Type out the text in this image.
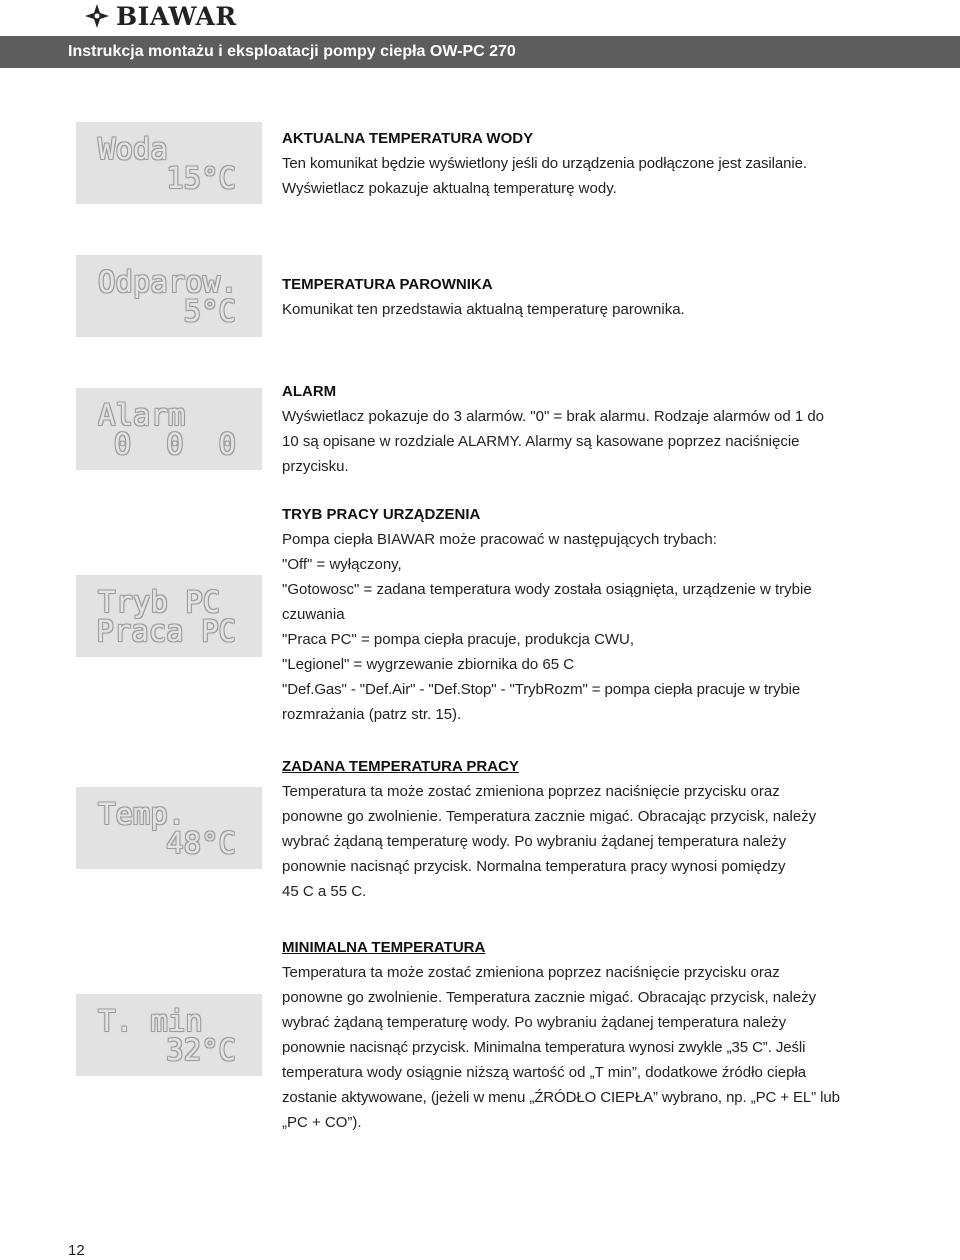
BIAWAR
Instrukcja montażu i eksploatacji pompy ciepła OW-PC 270
Woda
15°C

AKTUALNA TEMPERATURA WODY

Ten komunikat będzie wyświetlony jeśli do urządzenia podłączone jest zasilanie.

Wyświetlacz pokazuje aktualną temperaturę wody.

Odparow.
5°C

TEMPERATURA PAROWNIKA

Komunikat ten przedstawia aktualną temperaturę parownika.

Alarm
0  0  0

ALARM

Wyświetlacz pokazuje do 3 alarmów. "0" = brak alarmu. Rodzaje alarmów od 1 do

10 są opisane w rozdziale ALARMY. Alarmy są kasowane poprzez naciśnięcie

przycisku.

Tryb PC
Praca PC

TRYB PRACY URZĄDZENIA

Pompa ciepła BIAWAR może pracować w następujących trybach:

"Off" = wyłączony,

"Gotowosc" = zadana temperatura wody została osiągnięta, urządzenie w trybie

czuwania

"Praca PC" = pompa ciepła pracuje, produkcja CWU,

"Legionel" = wygrzewanie zbiornika do 65 C

"Def.Gas" - "Def.Air" - "Def.Stop" - "TrybRozm" = pompa ciepła pracuje w trybie

rozmrażania (patrz str. 15).

Temp.
48°C

ZADANA TEMPERATURA PRACY

Temperatura ta może zostać zmieniona poprzez naciśnięcie przycisku oraz

ponowne go zwolnienie. Temperatura zacznie migać. Obracając przycisk, należy

wybrać żądaną temperaturę wody. Po wybraniu żądanej temperatura należy

ponownie nacisnąć przycisk. Normalna temperatura pracy wynosi pomiędzy

45 C a 55 C.

T. min
32°C

MINIMALNA TEMPERATURA

Temperatura ta może zostać zmieniona poprzez naciśnięcie przycisku oraz

ponowne go zwolnienie. Temperatura zacznie migać. Obracając przycisk, należy

wybrać żądaną temperaturę wody. Po wybraniu żądanej temperatura należy

ponownie nacisnąć przycisk. Minimalna temperatura wynosi zwykle „35 C”. Jeśli

temperatura wody osiągnie niższą wartość od „T min”, dodatkowe źródło ciepła

zostanie aktywowane, (jeżeli w menu „ŹRÓDŁO CIEPŁA” wybrano, np. „PC + EL” lub

„PC + CO”).

12
